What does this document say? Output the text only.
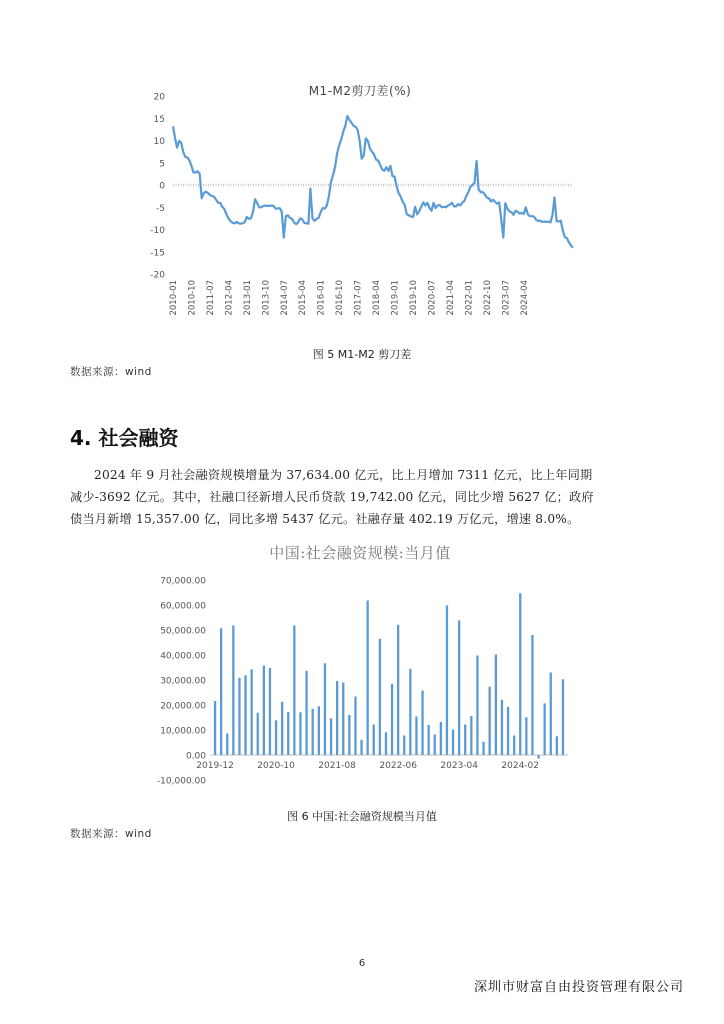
M1-M2剪刀差(%)
20
15
10
5
0
-5
-10
-15
-20
2010-01 2010-10 2011-07 2012-04 2013-01 2013-10 2014-07 2015-04 2016-01 2016-10 2017-07 2018-04 2019-01 2019-10 2020-07 2021-04 2022-01 2022-10 2023-07 2024-04
图 5 M1-M2 剪刀差
数据来源：wind
4. 社会融资
2024 年 9 月社会融资规模增量为 37,634.00 亿元，比上月增加 7311 亿元，比上年同期
减少-3692 亿元。其中，社融口径新增人民币贷款 19,742.00 亿元，同比少增 5627 亿；政府
债当月新增 15,357.00 亿，同比多增 5437 亿元。社融存量 402.19 万亿元，增速 8.0%。
中国:社会融资规模:当月值
70,000.00
60,000.00
50,000.00
40,000.00
30,000.00
20,000.00
10,000.00
0.00
-10,000.00
2019-12	2020-10	2021-08	2022-06	2023-04	2024-02
图 6 中国:社会融资规模当月值
数据来源：wind
6
深圳市财富自由投资管理有限公司
